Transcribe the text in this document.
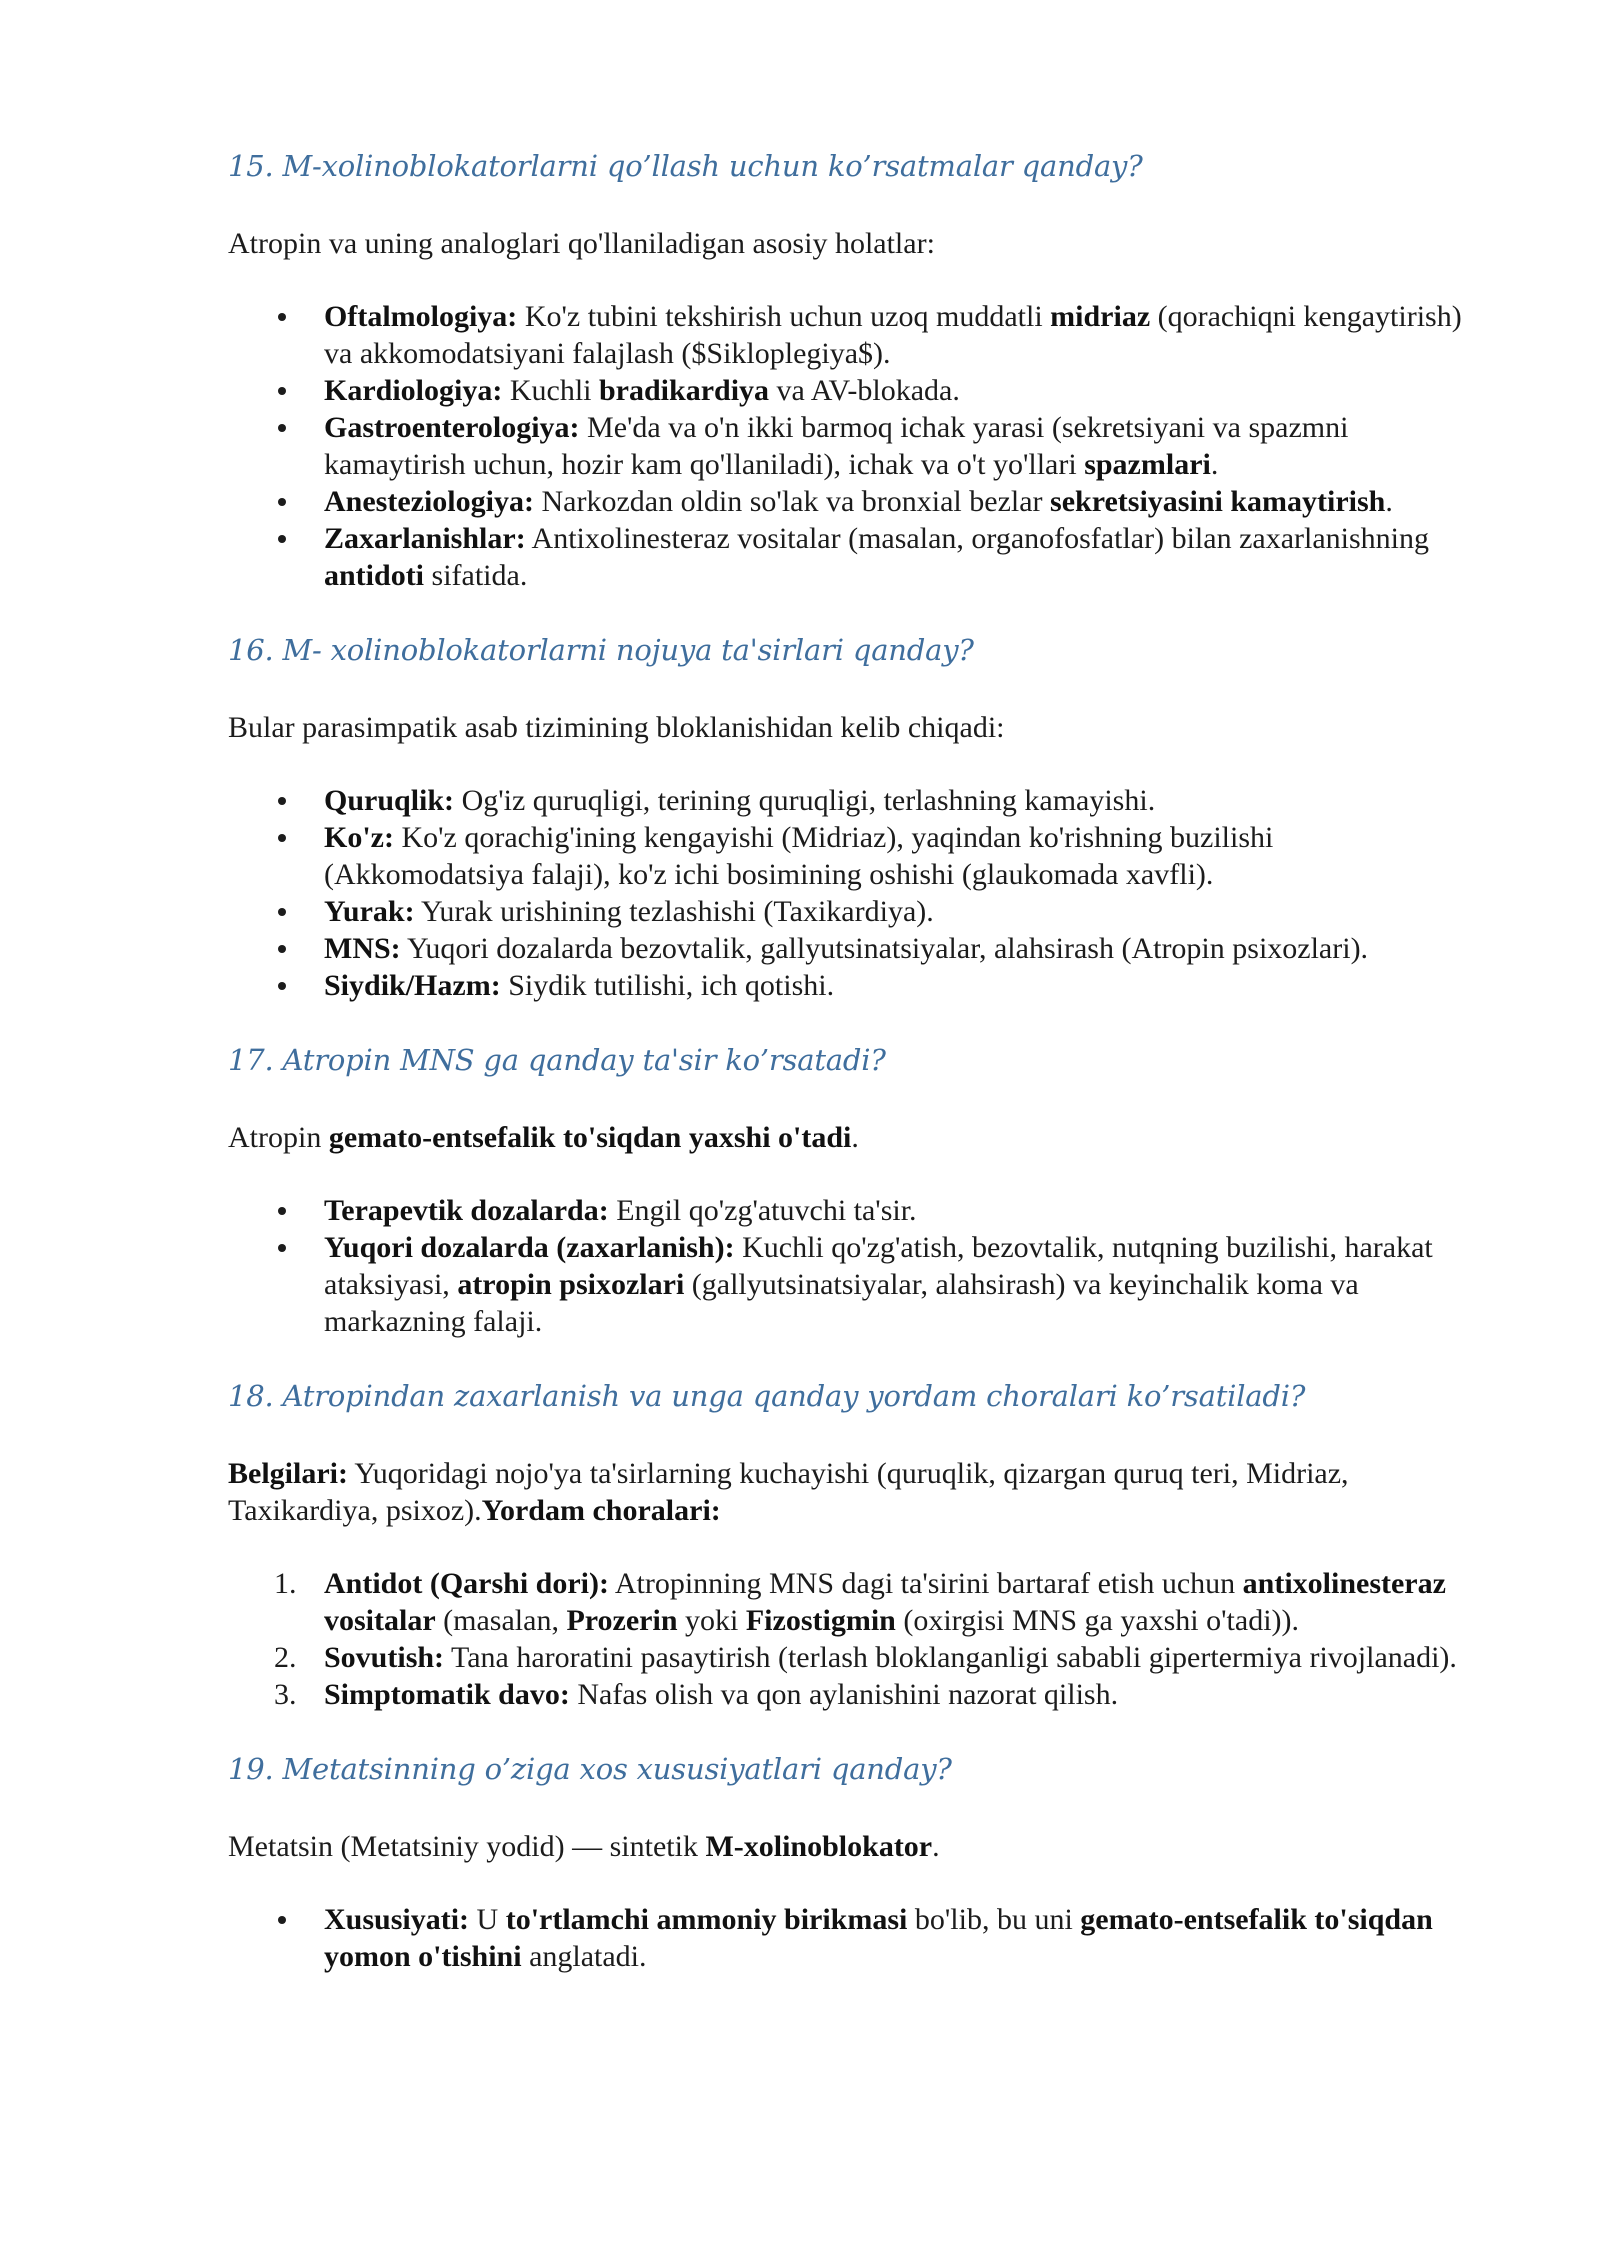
15. M-xolinoblokatorlarni qo’llash uchun ko’rsatmalar qanday?

Atropin va uning analoglari qo'llaniladigan asosiy holatlar:

Oftalmologiya: Ko'z tubini tekshirish uchun uzoq muddatli midriaz (qorachiqni kengaytirish) va akkomodatsiyani falajlash ($Sikloplegiya$).
Kardiologiya: Kuchli bradikardiya va AV-blokada.
Gastroenterologiya: Me'da va o'n ikki barmoq ichak yarasi (sekretsiyani va spazmni kamaytirish uchun, hozir kam qo'llaniladi), ichak va o't yo'llari spazmlari.
Anesteziologiya: Narkozdan oldin so'lak va bronxial bezlar sekretsiyasini kamaytirish.
Zaxarlanishlar: Antixolinesteraz vositalar (masalan, organofosfatlar) bilan zaxarlanishning antidoti sifatida.
16. M- xolinoblokatorlarni nojuya ta'sirlari qanday?

Bular parasimpatik asab tizimining bloklanishidan kelib chiqadi:

Quruqlik: Og'iz quruqligi, terining quruqligi, terlashning kamayishi.
Ko'z: Ko'z qorachig'ining kengayishi (Midriaz), yaqindan ko'rishning buzilishi (Akkomodatsiya falaji), ko'z ichi bosimining oshishi (glaukomada xavfli).
Yurak: Yurak urishining tezlashishi (Taxikardiya).
MNS: Yuqori dozalarda bezovtalik, gallyutsinatsiyalar, alahsirash (Atropin psixozlari).
Siydik/Hazm: Siydik tutilishi, ich qotishi.
17. Atropin MNS ga qanday ta'sir ko’rsatadi?

Atropin gemato-entsefalik to'siqdan yaxshi o'tadi.

Terapevtik dozalarda: Engil qo'zg'atuvchi ta'sir.
Yuqori dozalarda (zaxarlanish): Kuchli qo'zg'atish, bezovtalik, nutqning buzilishi, harakat ataksiyasi, atropin psixozlari (gallyutsinatsiyalar, alahsirash) va keyinchalik koma va markazning falaji.
18. Atropindan zaxarlanish va unga qanday yordam choralari ko’rsatiladi?

Belgilari: Yuqoridagi nojo'ya ta'sirlarning kuchayishi (quruqlik, qizargan quruq teri, Midriaz, Taxikardiya, psixoz).Yordam choralari:

1. Antidot (Qarshi dori): Atropinning MNS dagi ta'sirini bartaraf etish uchun antixolinesteraz vositalar (masalan, Prozerin yoki Fizostigmin (oxirgisi MNS ga yaxshi o'tadi)).
2. Sovutish: Tana haroratini pasaytirish (terlash bloklanganligi sababli gipertermiya rivojlanadi).
3. Simptomatik davo: Nafas olish va qon aylanishini nazorat qilish.
19. Metatsinning o’ziga xos xususiyatlari qanday?

Metatsin (Metatsiniy yodid) — sintetik M-xolinoblokator.

Xususiyati: U to'rtlamchi ammoniy birikmasi bo'lib, bu uni gemato-entsefalik to'siqdan yomon o'tishini anglatadi.
